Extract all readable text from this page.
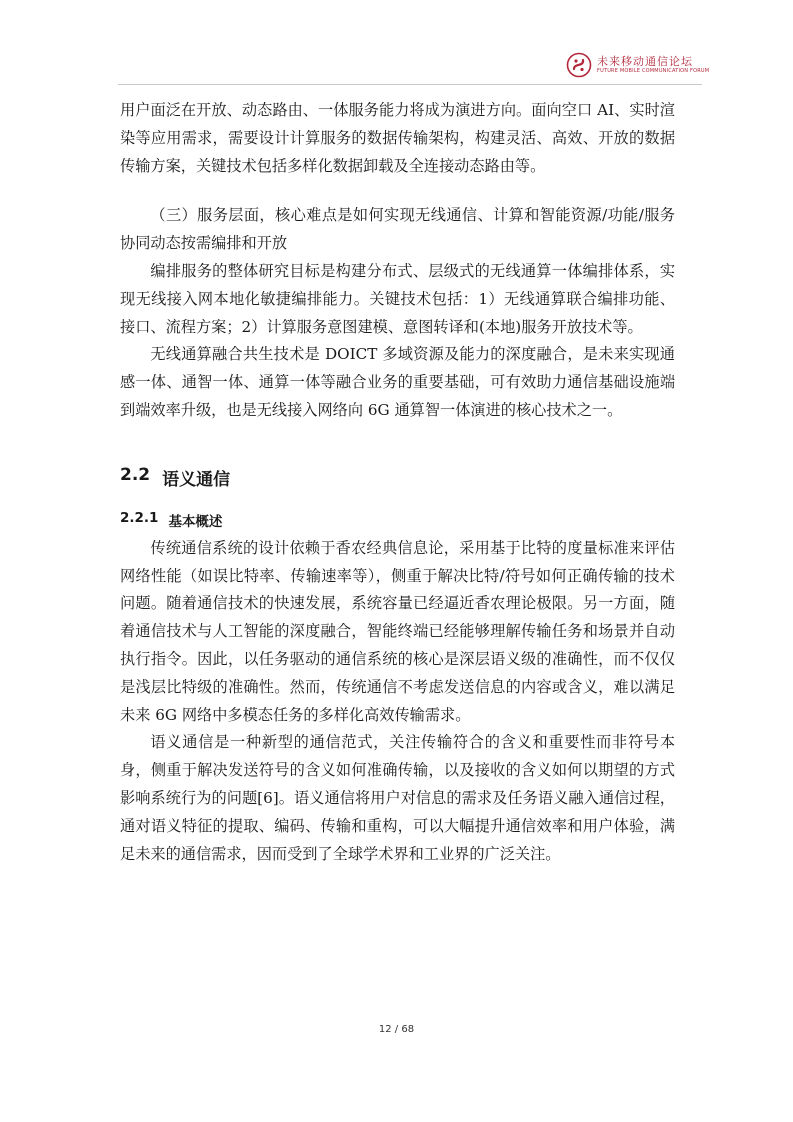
未来移动通信论坛
FUTURE MOBILE COMMUNICATION FORUM

用户面泛在开放、动态路由、一体服务能力将成为演进方向。面向空口 AI、实时渲染等应用需求，需要设计计算服务的数据传输架构，构建灵活、高效、开放的数据传输方案，关键技术包括多样化数据卸载及全连接动态路由等。

（三）服务层面，核心难点是如何实现无线通信、计算和智能资源/功能/服务协同动态按需编排和开放

编排服务的整体研究目标是构建分布式、层级式的无线通算一体编排体系，实现无线接入网本地化敏捷编排能力。关键技术包括：1）无线通算联合编排功能、接口、流程方案；2）计算服务意图建模、意图转译和(本地)服务开放技术等。

无线通算融合共生技术是 DOICT 多域资源及能力的深度融合，是未来实现通感一体、通智一体、通算一体等融合业务的重要基础，可有效助力通信基础设施端到端效率升级，也是无线接入网络向 6G 通算智一体演进的核心技术之一。

2.2 语义通信
2.2.1 基本概述

传统通信系统的设计依赖于香农经典信息论，采用基于比特的度量标准来评估网络性能（如误比特率、传输速率等），侧重于解决比特/符号如何正确传输的技术问题。随着通信技术的快速发展，系统容量已经逼近香农理论极限。另一方面，随着通信技术与人工智能的深度融合，智能终端已经能够理解传输任务和场景并自动执行指令。因此，以任务驱动的通信系统的核心是深层语义级的准确性，而不仅仅是浅层比特级的准确性。然而，传统通信不考虑发送信息的内容或含义，难以满足未来 6G 网络中多模态任务的多样化高效传输需求。

语义通信是一种新型的通信范式，关注传输符合的含义和重要性而非符号本身，侧重于解决发送符号的含义如何准确传输，以及接收的含义如何以期望的方式影响系统行为的问题[6]。语义通信将用户对信息的需求及任务语义融入通信过程，通对语义特征的提取、编码、传输和重构，可以大幅提升通信效率和用户体验，满足未来的通信需求，因而受到了全球学术界和工业界的广泛关注。

12 / 68
